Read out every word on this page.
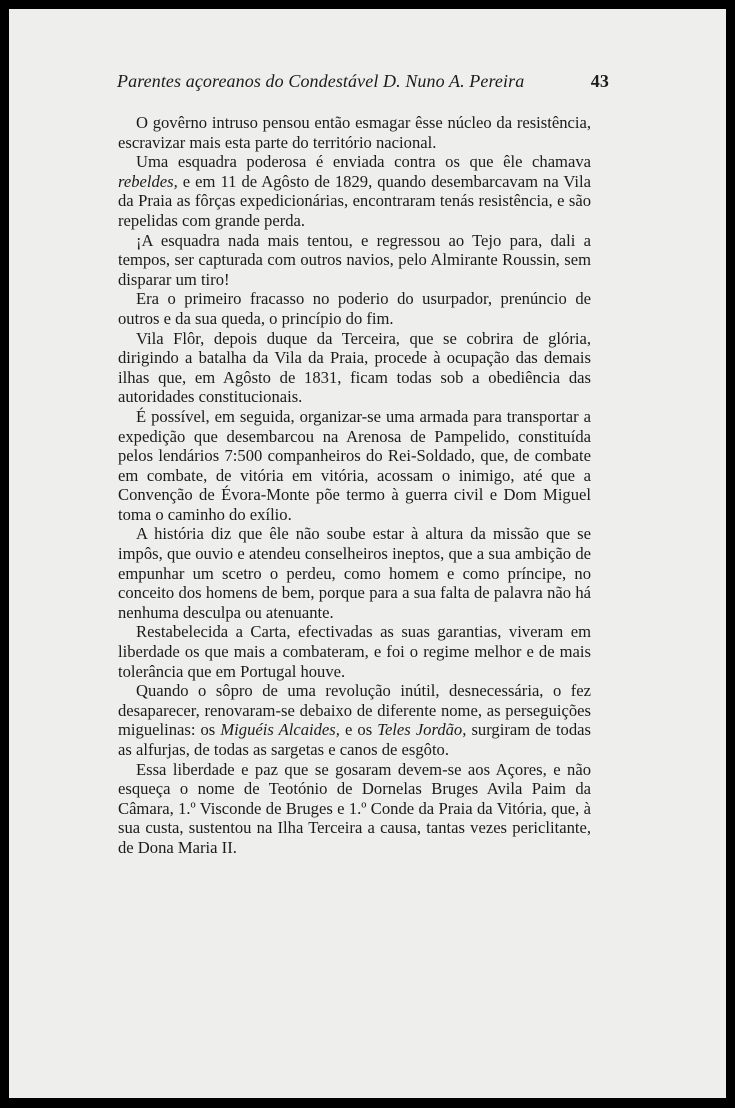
Parentes açoreanos do Condestável D. Nuno A. Pereira	43

O govêrno intruso pensou então esmagar êsse núcleo da resistência, escravizar mais esta parte do território nacional.

Uma esquadra poderosa é enviada contra os que êle chamava rebeldes, e em 11 de Agôsto de 1829, quando desembarcavam na Vila da Praia as fôrças expedicionárias, encontraram tenás resistência, e são repelidas com grande perda.

¡A esquadra nada mais tentou, e regressou ao Tejo para, dali a tempos, ser capturada com outros navios, pelo Almirante Roussin, sem disparar um tiro!

Era o primeiro fracasso no poderio do usurpador, prenúncio de outros e da sua queda, o princípio do fim.

Vila Flôr, depois duque da Terceira, que se cobrira de glória, dirigindo a batalha da Vila da Praia, procede à ocupação das demais ilhas que, em Agôsto de 1831, ficam todas sob a obediência das autoridades constitucionais.

É possível, em seguida, organizar-se uma armada para transportar a expedição que desembarcou na Arenosa de Pampelido, constituída pelos lendários 7:500 companheiros do Rei-Soldado, que, de combate em combate, de vitória em vitória, acossam o inimigo, até que a Convenção de Évora-Monte põe termo à guerra civil e Dom Miguel toma o caminho do exílio.

A história diz que êle não soube estar à altura da missão que se impôs, que ouvio e atendeu conselheiros ineptos, que a sua ambição de empunhar um scetro o perdeu, como homem e como príncipe, no conceito dos homens de bem, porque para a sua falta de palavra não há nenhuma desculpa ou atenuante.

Restabelecida a Carta, efectivadas as suas garantias, viveram em liberdade os que mais a combateram, e foi o regime melhor e de mais tolerância que em Portugal houve.

Quando o sôpro de uma revolução inútil, desnecessária, o fez desaparecer, renovaram-se debaixo de diferente nome, as perseguições miguelinas: os Miguéis Alcaides, e os Teles Jordão, surgiram de todas as alfurjas, de todas as sargetas e canos de esgôto.

Essa liberdade e paz que se gosaram devem-se aos Açores, e não esqueça o nome de Teotónio de Dornelas Bruges Avila Paim da Câmara, 1.º Visconde de Bruges e 1.º Conde da Praia da Vitória, que, à sua custa, sustentou na Ilha Terceira a causa, tantas vezes periclitante, de Dona Maria II.
